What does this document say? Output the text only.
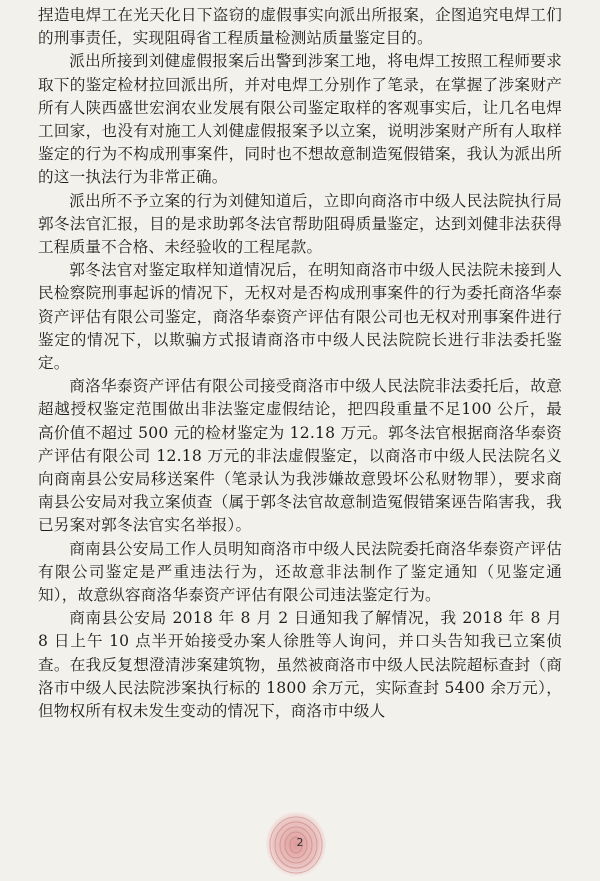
捏造电焊工在光天化日下盗窃的虚假事实向派出所报案，企图追究电焊工们的刑事责任，实现阻碍省工程质量检测站质量鉴定目的。

派出所接到刘健虚假报案后出警到涉案工地，将电焊工按照工程师要求取下的鉴定检材拉回派出所，并对电焊工分别作了笔录，在掌握了涉案财产所有人陕西盛世宏润农业发展有限公司鉴定取样的客观事实后，让几名电焊工回家，也没有对施工人刘健虚假报案予以立案，说明涉案财产所有人取样鉴定的行为不构成刑事案件，同时也不想故意制造冤假错案，我认为派出所的这一执法行为非常正确。

派出所不予立案的行为刘健知道后，立即向商洛市中级人民法院执行局郭冬法官汇报，目的是求助郭冬法官帮助阻碍质量鉴定，达到刘健非法获得工程质量不合格、未经验收的工程尾款。

郭冬法官对鉴定取样知道情况后，在明知商洛市中级人民法院未接到人民检察院刑事起诉的情况下，无权对是否构成刑事案件的行为委托商洛华泰资产评估有限公司鉴定，商洛华泰资产评估有限公司也无权对刑事案件进行鉴定的情况下，以欺骗方式报请商洛市中级人民法院院长进行非法委托鉴定。

商洛华泰资产评估有限公司接受商洛市中级人民法院非法委托后，故意超越授权鉴定范围做出非法鉴定虚假结论，把四段重量不足100 公斤，最高价值不超过 500 元的检材鉴定为 12.18 万元。郭冬法官根据商洛华泰资产评估有限公司 12.18 万元的非法虚假鉴定，以商洛市中级人民法院名义向商南县公安局移送案件（笔录认为我涉嫌故意毁坏公私财物罪），要求商南县公安局对我立案侦查（属于郭冬法官故意制造冤假错案诬告陷害我，我已另案对郭冬法官实名举报）。

商南县公安局工作人员明知商洛市中级人民法院委托商洛华泰资产评估有限公司鉴定是严重违法行为，还故意非法制作了鉴定通知（见鉴定通知），故意纵容商洛华泰资产评估有限公司违法鉴定行为。

商南县公安局 2018 年 8 月 2 日通知我了解情况，我 2018 年 8 月 8 日上午 10 点半开始接受办案人徐胜等人询问，并口头告知我已立案侦查。在我反复想澄清涉案建筑物，虽然被商洛市中级人民法院超标查封（商洛市中级人民法院涉案执行标的 1800 余万元，实际查封 5400 余万元），但物权所有权未发生变动的情况下，商洛市中级人

2
